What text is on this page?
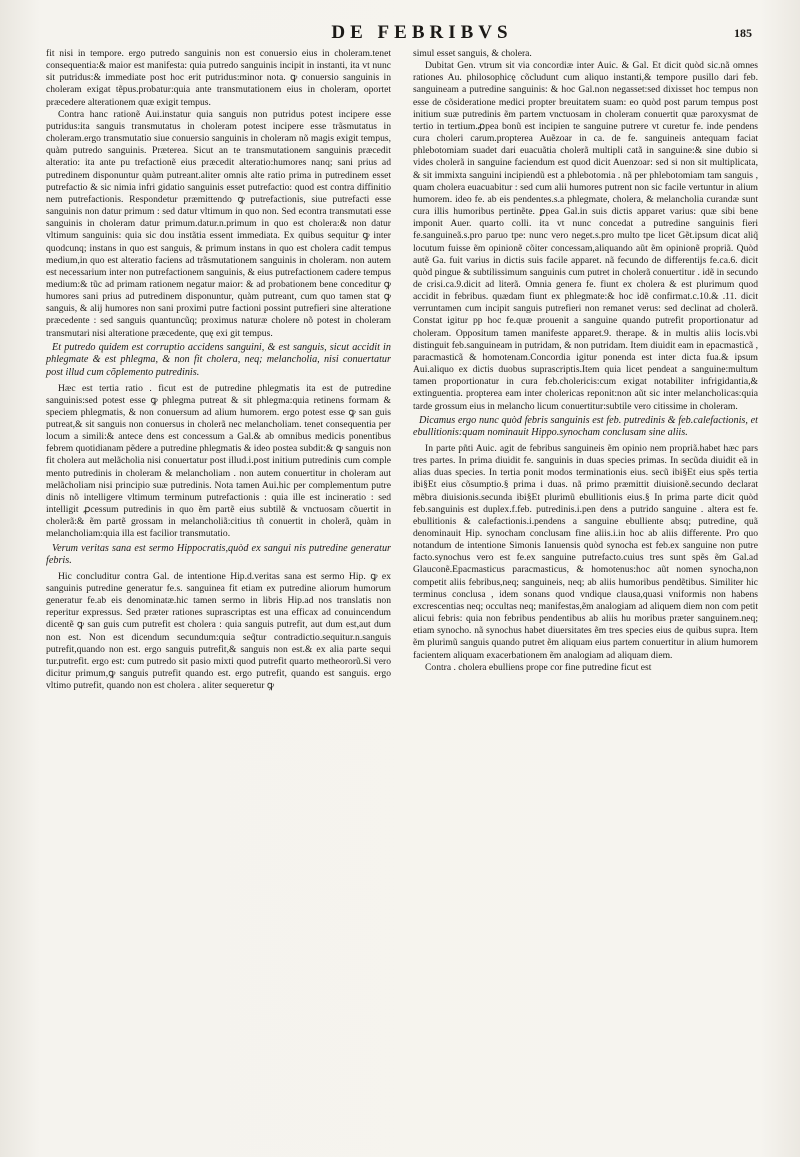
DE FEBRIBVS	185

fit nisi in tempore. ergo putredo sanguinis non est conuersio eius in choleram.tenet consequentia:& maior est manifesta: quia putredo sanguinis incipit in instanti, ita vt nunc sit putridus:& immediate post hoc erit putridus:minor nota. ꝙ conuersio sanguinis in choleram exigat tẽpus.probatur:quia ante transmutationem eius in choleram, oportet præcedere alterationem quæ exigit tempus.

Contra hanc rationẽ Aui.instatur quia sanguis non putridus potest incipere esse putridus:ita sanguis transmutatus in choleram potest incipere esse trãsmutatus in choleram.ergo transmutatio siue conuersio sanguinis in choleram nõ magis exigit tempus, quàm putredo sanguinis. Præterea. Sicut an te transmutationem sanguinis præcedit alteratio: ita ante pu trefactionẽ eius præcedit alteratio:humores nanq; sani prius ad putredinem disponuntur quàm putreant.aliter omnis alte ratio prima in putredinem esset putrefactio & sic nimia infri gidatio sanguinis esset putrefactio: quod est contra diffinitio nem putrefactionis. Respondetur præmittendo ꝙ putrefactionis, siue putrefacti esse sanguinis non datur primum : sed datur vltimum in quo non. Sed econtra transmutati esse sanguinis in choleram datur primum.datur.n.primum in quo est cholera:& non datur vltimum sanguinis: quia sic dou instãtia essent immediata. Ex quibus sequitur ꝙ inter quodcunq; instans in quo est sanguis, & primum instans in quo est cholera cadit tempus medium,in quo est alteratio faciens ad trãsmutationem sanguinis in choleram. non autem est necessarium inter non putrefactionem sanguinis, & eius putrefactionem cadere tempus medium:& tũc ad primam rationem negatur maior: & ad probationem bene conceditur ꝙ humores sani prius ad putredinem disponuntur, quàm putreant, cum quo tamen stat ꝙ sanguis, & alij humores non sani proximi putre factioni possint putrefieri sine alteratione præcedente : sed sanguis quantuncũq; proximus naturæ cholere nõ potest in choleram transmutari nisi alteratione præcedente, quę exi git tempus.

Et putredo quidem est corruptio accidens sanguini, & est sanguis, sicut accidit in phlegmate & est phlegma, & non fit cholera, neq; melancholia, nisi conuertatur post illud cum cõplemento putredinis.

Hæc est tertia ratio . ficut est de putredine phlegmatis ita est de putredine sanguinis:sed potest esse ꝙ phlegma putreat & sit phlegma:quia retinens formam & speciem phlegmatis, & non conuersum ad alium humorem. ergo potest esse ꝙ san guis putreat,& sit sanguis non conuersus in cholerã nec melancholiam. tenet consequentia per locum a simili:& antece dens est concessum a Gal.& ab omnibus medicis ponentibus febrem quotidianam pẽdere a putredine phlegmatis & ideo postea subdit:& ꝙ sanguis non fit cholera aut melãcholia nisi conuertatur post illud.i.post initium putredinis cum comple mento putredinis in choleram & melancholiam . non autem conuertitur in choleram aut melãcholiam nisi principio suæ putredinis. Nota tamen Aui.hic per complementum putre dinis nõ intelligere vltimum terminum putrefactionis : quia ille est incineratio : sed intelligit ꝓcessum putredinis in quo ẽm partẽ eius subtilẽ & vnctuosam cõuertit in cholerã:& ẽm partẽ grossam in melancholiã:citius tñ conuertit in cholerã, quàm in melancholiam:quia illa est facilior transmutatio.

Verum veritas sana est sermo Hippocratis,quòd ex sangui nis putredine generatur febris.

Hic concluditur contra Gal. de intentione Hip.d.veritas sana est sermo Hip. ꝙ ex sanguinis putredine generatur fe.s. sanguinea fit etiam ex putredine aliorum humorum generatur fe.ab eis denominatæ.hic tamen sermo in libris Hip.ad nos translatis non reperitur expressus. Sed præter rationes suprascriptas est una efficax ad conuincendum dicentẽ ꝙ san guis cum putrefit est cholera : quia sanguis putrefit, aut dum est,aut dum non est. Non est dicendum secundum:quia seq̃tur contradictio.sequitur.n.sanguis putrefit,quando non est. ergo sanguis putrefit,& sanguis non est.& ex alia parte sequi tur.putrefit. ergo est: cum putredo sit pasio mixti quod putrefit quarto metheororũ.Si vero dicitur primum,ꝙ sanguis putrefit quando est. ergo putrefit, quando est sanguis. ergo vltimo putrefit, quando non est cholera . aliter sequeretur ꝙ

simul esset sanguis, & cholera.

Dubitat Gen. vtrum sit via concordiæ inter Auic. & Gal. Et dicit quòd sic.nã omnes rationes Au. philosophicę cõcludunt cum aliquo instanti,& tempore pusillo dari feb. sanguineam a putredine sanguinis: & hoc Gal.non negasset:sed dixisset hoc tempus non esse de cõsideratione medici propter breuitatem suam: eo quòd post parum tempus post initium suæ putredinis ẽm partem vnctuosam in choleram conuertit quæ paroxysmat de tertio in tertium.ꝓpea bonũ est incipien te sanguine putrere vt curetur fe. inde pendens cura choleri carum.propterea Auẽzoar in ca. de fe. sanguineis antequam faciat phlebotomiam suadet dari euacuãtia cholerã multipli catã in sanguine:& sine dubio si vides cholerã in sanguine faciendum est quod dicit Auenzoar: sed si non sit multiplicata, & sit immixta sanguini incipiendũ est a phlebotomia . nã per phlebotomiam tam sanguis , quam cholera euacuabitur : sed cum alii humores putrent non sic facile vertuntur in alium humorem. ideo fe. ab eis pendentes.s.a phlegmate, cholera, & melancholia curandæ sunt cura illis humoribus pertinẽte. ꝑpea Gal.in suis dictis apparet varius: quæ sibi bene imponit Auer. quarto colli. ita vt nunc concedat a putredine sanguinis fieri fe.sanguineã.s.pro paruo tpe: nunc vero neget.s.pro multo tpe licet Gẽt.ipsum dicat aliq̃ locutum fuisse ẽm opinionẽ cõiter concessam,aliquando aũt ẽm opinionẽ propriã. Quòd autẽ Ga. fuit varius in dictis suis facile apparet. nã fecundo de differentijs fe.ca.6. dicit quòd pingue & subtilissimum sanguinis cum putret in cholerã conuertitur . idẽ in secundo de crisi.ca.9.dicit ad literã. Omnia genera fe. fiunt ex cholera & est plurimum quod accidit in febribus. quædam fiunt ex phlegmate:& hoc idẽ confirmat.c.10.& .11. dicit verruntamen cum incipit sanguis putrefieri non remanet verus: sed declinat ad cholerã. Constat igitur pp hoc fe.quæ prouenit a sanguine quando putrefit proportionatur ad choleram. Oppositum tamen manifeste apparet.9. therape. & in multis aliis locis.vbi distinguit feb.sanguineam in putridam, & non putridam. Item diuidit eam in epacmasticã , paracmasticã & homotenam.Concordia igitur ponenda est inter dicta fua.& ipsum Aui.aliquo ex dictis duobus suprascriptis.Item quia licet pendeat a sanguine:multum tamen proportionatur in cura feb.cholericis:cum exigat notabiliter infrigidantia,& extinguentia. propterea eam inter cholericas reponit:non aũt sic inter melancholicas:quia tarde grossum eius in melancho licum conuertitur:subtile vero citissime in choleram.

Dicamus ergo nunc quòd febris sanguinis est feb. putredinis & feb.calefactionis, et ebullitionis:quam nominauit Hippo.synocham conclusam sine aliis.

In parte pñti Auic. agit de febribus sanguineis ẽm opinio nem propriã.habet hæc pars tres partes. In prima diuidit fe. sanguinis in duas species primas. In secũda diuidit eã in alias duas species. In tertia ponit modos terminationis eius. secũ ibi§Et eius spẽs tertia ibi§Et eius cõsumptio.§ prima i duas. nã primo præmittit diuisionẽ.secundo declarat mẽbra diuisionis.secunda ibi§Et plurimũ ebullitionis eius.§ In prima parte dicit quòd feb.sanguinis est duplex.f.feb. putredinis.i.pen dens a putrido sanguine . altera est fe. ebullitionis & calefactionis.i.pendens a sanguine ebulliente absq; putredine, quã denominauit Hip. synocham conclusam fine aliis.i.in hoc ab aliis differente. Pro quo notandum de intentione Simonis Ianuensis quòd synocha est feb.ex sanguine non putre facto.synochus vero est fe.ex sanguine putrefacto.cuius tres sunt spẽs ẽm Gal.ad Glauconẽ.Epacmasticus paracmasticus, & homotenus:hoc aũt nomen synocha,non competit aliis febribus,neq; sanguineis, neq; ab aliis humoribus pendẽtibus. Similiter hic terminus conclusa , idem sonans quod vndique clausa,quasi vniformis non habens excrescentias neq; occultas neq; manifestas,ẽm analogiam ad aliquem diem non com petit alicui febris: quia non febribus pendentibus ab aliis hu moribus præter sanguinem.neq; etiam synocho. nã synochus habet diuersitates ẽm tres species eius de quibus supra. Item ẽm plurimũ sanguis quando putret ẽm aliquam eius partem conuertitur in alium humorem facientem aliquam exacerbationem ẽm analogiam ad aliquam diem.

Contra . cholera ebulliens prope cor fine putredine ficut est
